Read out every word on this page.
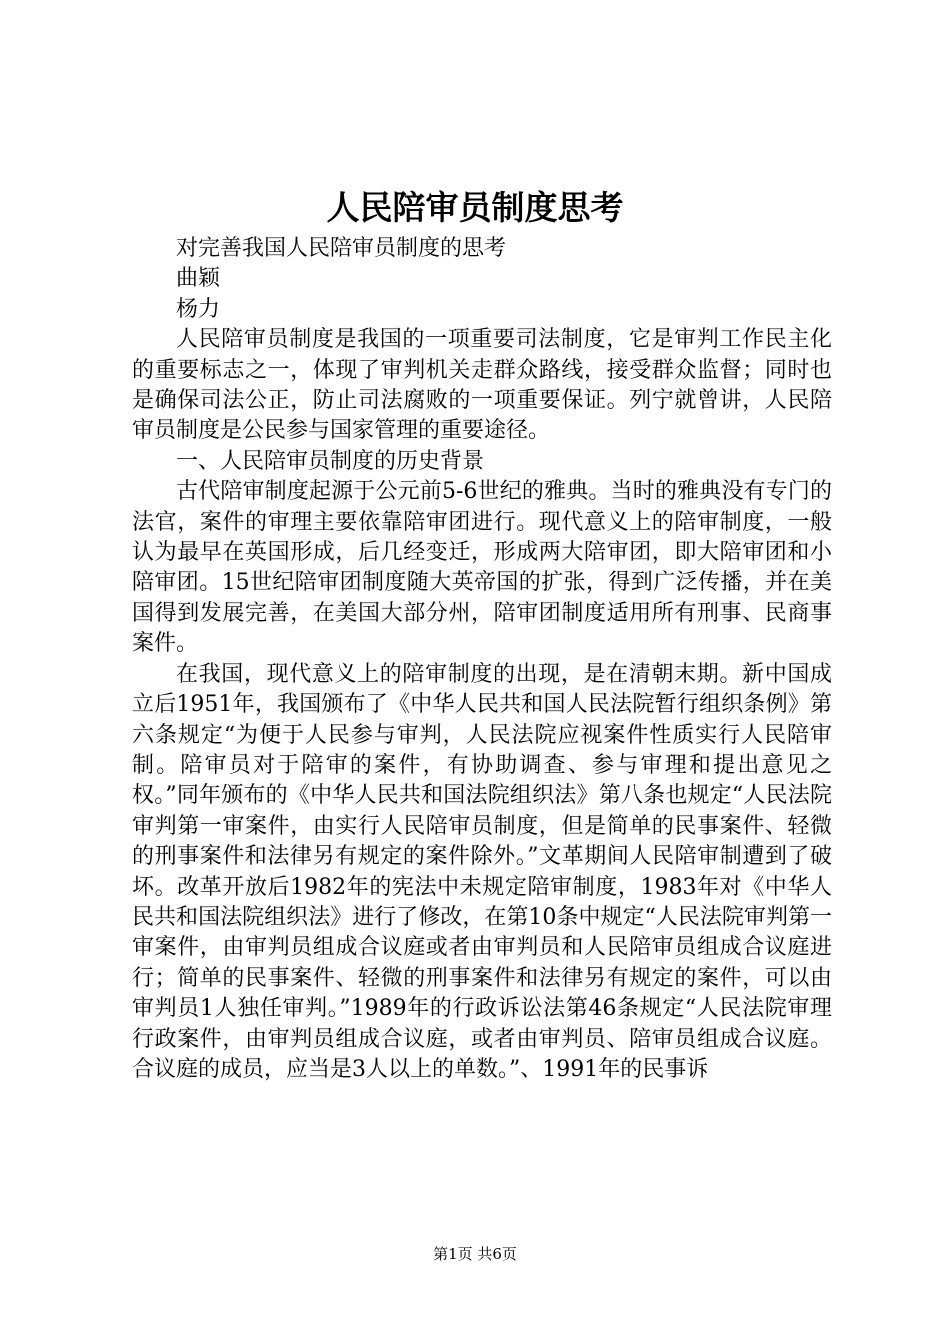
人民陪审员制度思考

对完善我国人民陪审员制度的思考

曲颖

杨力

人民陪审员制度是我国的一项重要司法制度，它是审判工作民主化的重要标志之一，体现了审判机关走群众路线，接受群众监督；同时也是确保司法公正，防止司法腐败的一项重要保证。列宁就曾讲，人民陪审员制度是公民参与国家管理的重要途径。

一、人民陪审员制度的历史背景

古代陪审制度起源于公元前5-6世纪的雅典。当时的雅典没有专门的法官，案件的审理主要依靠陪审团进行。现代意义上的陪审制度，一般认为最早在英国形成，后几经变迁，形成两大陪审团，即大陪审团和小陪审团。15世纪陪审团制度随大英帝国的扩张，得到广泛传播，并在美国得到发展完善，在美国大部分州，陪审团制度适用所有刑事、民商事案件。

在我国，现代意义上的陪审制度的出现，是在清朝末期。新中国成立后1951年，我国颁布了《中华人民共和国人民法院暂行组织条例》第六条规定“为便于人民参与审判，人民法院应视案件性质实行人民陪审制。陪审员对于陪审的案件，有协助调查、参与审理和提出意见之权。”同年颁布的《中华人民共和国法院组织法》第八条也规定“人民法院审判第一审案件，由实行人民陪审员制度，但是简单的民事案件、轻微的刑事案件和法律另有规定的案件除外。”文革期间人民陪审制遭到了破坏。改革开放后1982年的宪法中未规定陪审制度，1983年对《中华人民共和国法院组织法》进行了修改，在第10条中规定“人民法院审判第一审案件，由审判员组成合议庭或者由审判员和人民陪审员组成合议庭进行；简单的民事案件、轻微的刑事案件和法律另有规定的案件，可以由审判员1人独任审判。”1989年的行政诉讼法第46条规定“人民法院审理行政案件，由审判员组成合议庭，或者由审判员、陪审员组成合议庭。合议庭的成员，应当是3人以上的单数。”、1991年的民事诉

第1页 共6页
